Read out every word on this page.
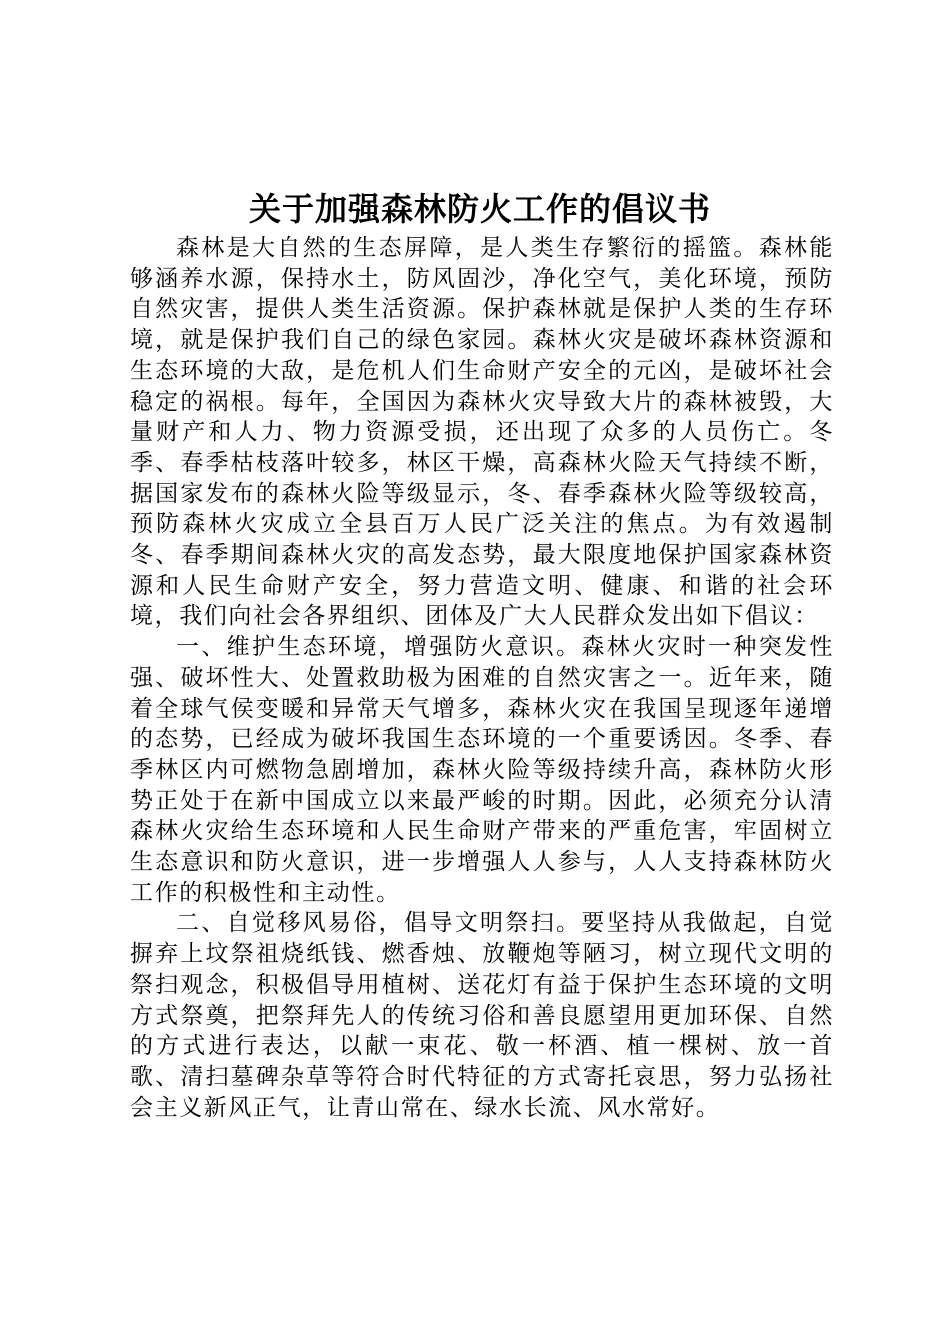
关于加强森林防火工作的倡议书

森林是大自然的生态屏障，是人类生存繁衍的摇篮。森林能够涵养水源，保持水土，防风固沙，净化空气，美化环境，预防自然灾害，提供人类生活资源。保护森林就是保护人类的生存环境，就是保护我们自己的绿色家园。森林火灾是破坏森林资源和生态环境的大敌，是危机人们生命财产安全的元凶，是破坏社会稳定的祸根。每年，全国因为森林火灾导致大片的森林被毁，大量财产和人力、物力资源受损，还出现了众多的人员伤亡。冬季、春季枯枝落叶较多，林区干燥，高森林火险天气持续不断，据国家发布的森林火险等级显示，冬、春季森林火险等级较高，预防森林火灾成立全县百万人民广泛关注的焦点。为有效遏制冬、春季期间森林火灾的高发态势，最大限度地保护国家森林资源和人民生命财产安全，努力营造文明、健康、和谐的社会环境，我们向社会各界组织、团体及广大人民群众发出如下倡议：

一、维护生态环境，增强防火意识。森林火灾时一种突发性强、破坏性大、处置救助极为困难的自然灾害之一。近年来，随着全球气侯变暖和异常天气增多，森林火灾在我国呈现逐年递增的态势，已经成为破坏我国生态环境的一个重要诱因。冬季、春季林区内可燃物急剧增加，森林火险等级持续升高，森林防火形势正处于在新中国成立以来最严峻的时期。因此，必须充分认清森林火灾给生态环境和人民生命财产带来的严重危害，牢固树立生态意识和防火意识，进一步增强人人参与，人人支持森林防火工作的积极性和主动性。

二、自觉移风易俗，倡导文明祭扫。要坚持从我做起，自觉摒弃上坟祭祖烧纸钱、燃香烛、放鞭炮等陋习，树立现代文明的祭扫观念，积极倡导用植树、送花灯有益于保护生态环境的文明方式祭奠，把祭拜先人的传统习俗和善良愿望用更加环保、自然的方式进行表达，以献一束花、敬一杯酒、植一棵树、放一首歌、清扫墓碑杂草等符合时代特征的方式寄托哀思，努力弘扬社会主义新风正气，让青山常在、绿水长流、风水常好。
